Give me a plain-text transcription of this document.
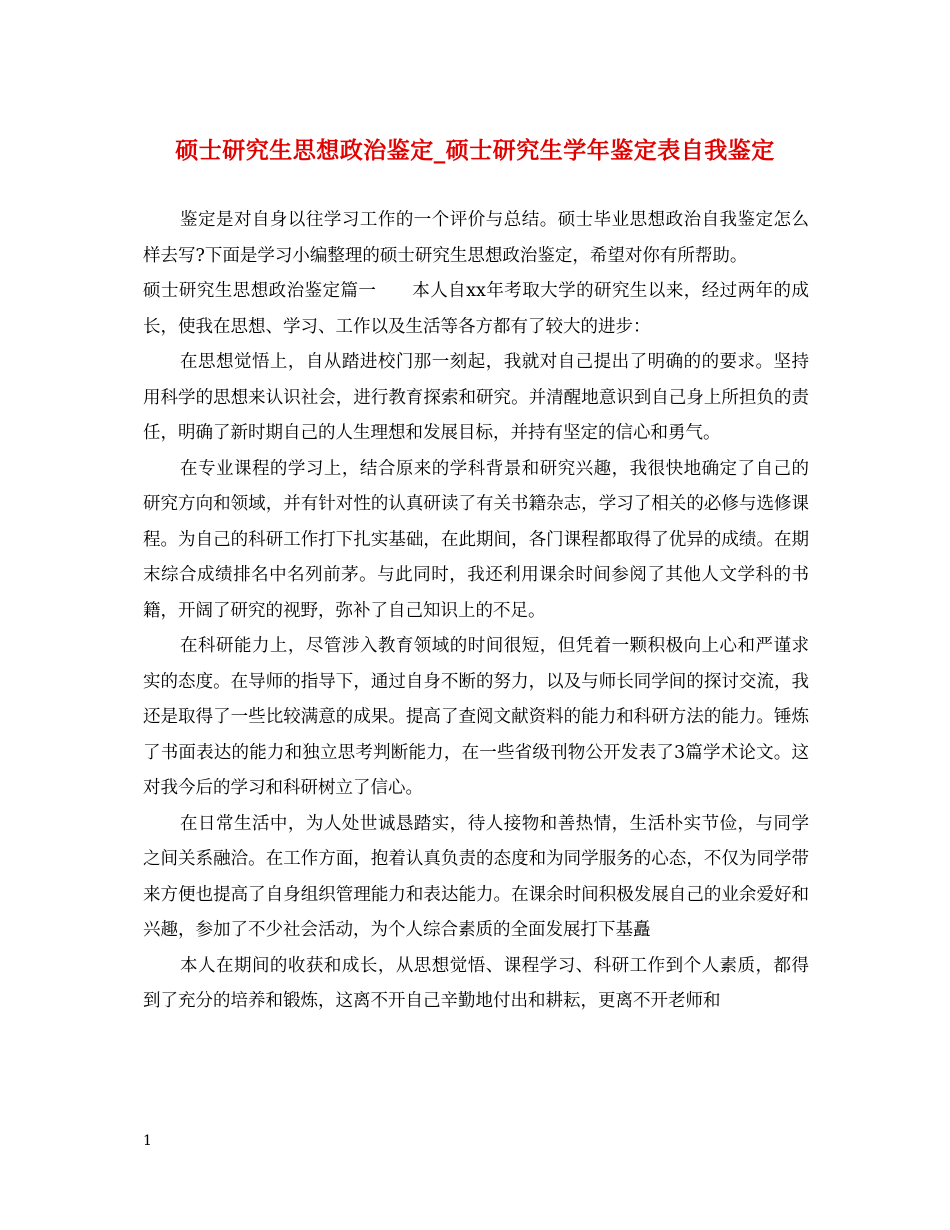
硕士研究生思想政治鉴定_硕士研究生学年鉴定表自我鉴定

鉴定是对自身以往学习工作的一个评价与总结。硕士毕业思想政治自我鉴定怎么样去写?下面是学习小编整理的硕士研究生思想政治鉴定，希望对你有所帮助。

硕士研究生思想政治鉴定篇一　　本人自xx年考取大学的研究生以来，经过两年的成长，使我在思想、学习、工作以及生活等各方都有了较大的进步：

在思想觉悟上，自从踏进校门那一刻起，我就对自己提出了明确的的要求。坚持用科学的思想来认识社会，进行教育探索和研究。并清醒地意识到自己身上所担负的责任，明确了新时期自己的人生理想和发展目标，并持有坚定的信心和勇气。

在专业课程的学习上，结合原来的学科背景和研究兴趣，我很快地确定了自己的研究方向和领域，并有针对性的认真研读了有关书籍杂志，学习了相关的必修与选修课程。为自己的科研工作打下扎实基础，在此期间，各门课程都取得了优异的成绩。在期末综合成绩排名中名列前茅。与此同时，我还利用课余时间参阅了其他人文学科的书籍，开阔了研究的视野，弥补了自己知识上的不足。

在科研能力上，尽管涉入教育领域的时间很短，但凭着一颗积极向上心和严谨求实的态度。在导师的指导下，通过自身不断的努力，以及与师长同学间的探讨交流，我还是取得了一些比较满意的成果。提高了查阅文献资料的能力和科研方法的能力。锤炼了书面表达的能力和独立思考判断能力，在一些省级刊物公开发表了3篇学术论文。这对我今后的学习和科研树立了信心。

在日常生活中，为人处世诚恳踏实，待人接物和善热情，生活朴实节俭，与同学之间关系融洽。在工作方面，抱着认真负责的态度和为同学服务的心态，不仅为同学带来方便也提高了自身组织管理能力和表达能力。在课余时间积极发展自己的业余爱好和兴趣，参加了不少社会活动，为个人综合素质的全面发展打下基矗

本人在期间的收获和成长，从思想觉悟、课程学习、科研工作到个人素质，都得到了充分的培养和锻炼，这离不开自己辛勤地付出和耕耘，更离不开老师和

1
